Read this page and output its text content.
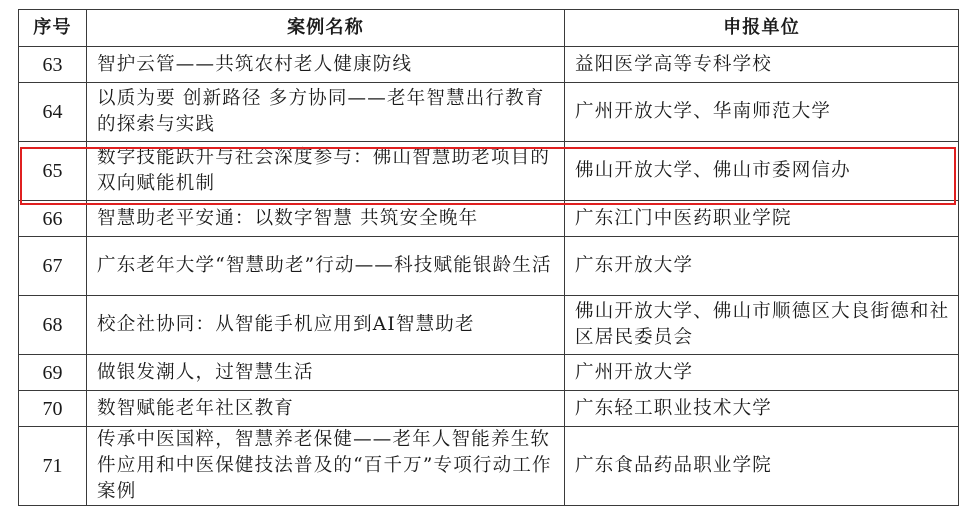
序号	案例名称	申报单位
63	智护云管——共筑农村老人健康防线	益阳医学高等专科学校
64	以质为要 创新路径 多方协同——老年智慧出行教育的探索与实践	广州开放大学、华南师范大学
65	数字技能跃升与社会深度参与：佛山智慧助老项目的双向赋能机制	佛山开放大学、佛山市委网信办
66	智慧助老平安通：以数字智慧 共筑安全晚年	广东江门中医药职业学院
67	广东老年大学“智慧助老”行动——科技赋能银龄生活	广东开放大学
68	校企社协同：从智能手机应用到AI智慧助老	佛山开放大学、佛山市顺德区大良街德和社区居民委员会
69	做银发潮人，过智慧生活	广州开放大学
70	数智赋能老年社区教育	广东轻工职业技术大学
71	传承中医国粹，智慧养老保健——老年人智能养生软件应用和中医保健技法普及的“百千万”专项行动工作案例	广东食品药品职业学院
